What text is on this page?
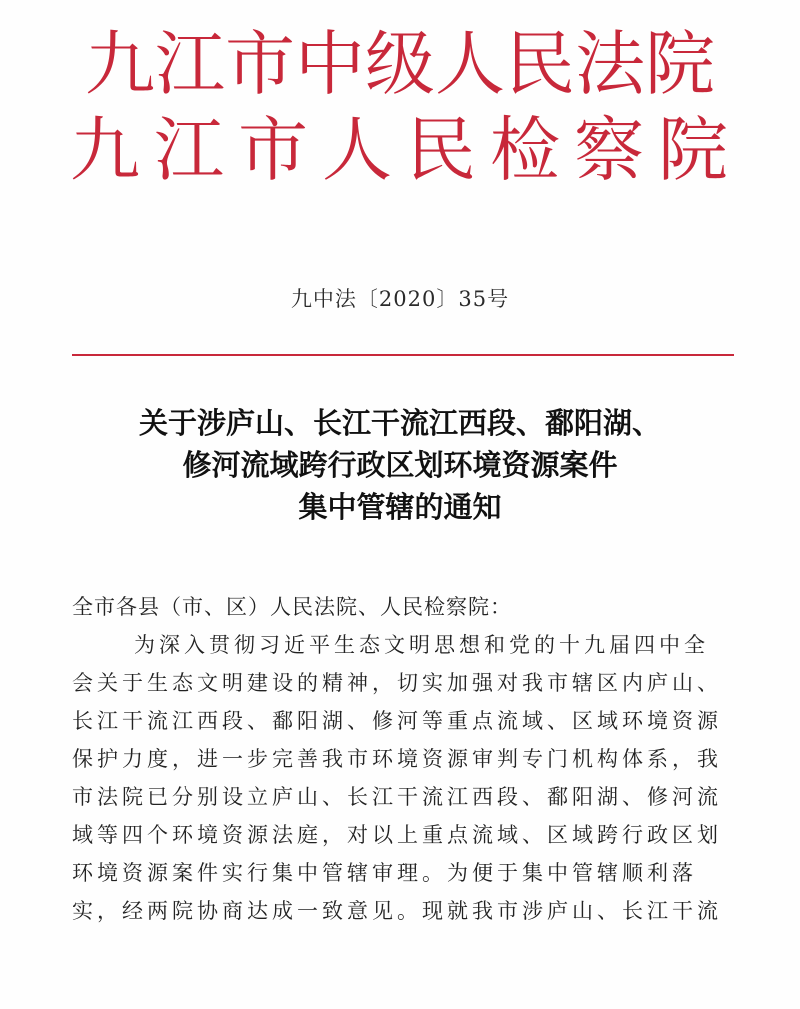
九江市中级人民法院
九江市人民检察院
九中法〔2020〕35号
关于涉庐山、长江干流江西段、鄱阳湖、
修河流域跨行政区划环境资源案件
集中管辖的通知
全市各县（市、区）人民法院、人民检察院：
为深入贯彻习近平生态文明思想和党的十九届四中全
会关于生态文明建设的精神，切实加强对我市辖区内庐山、
长江干流江西段、鄱阳湖、修河等重点流域、区域环境资源
保护力度，进一步完善我市环境资源审判专门机构体系，我
市法院已分别设立庐山、长江干流江西段、鄱阳湖、修河流
域等四个环境资源法庭，对以上重点流域、区域跨行政区划
环境资源案件实行集中管辖审理。为便于集中管辖顺利落
实，经两院协商达成一致意见。现就我市涉庐山、长江干流
